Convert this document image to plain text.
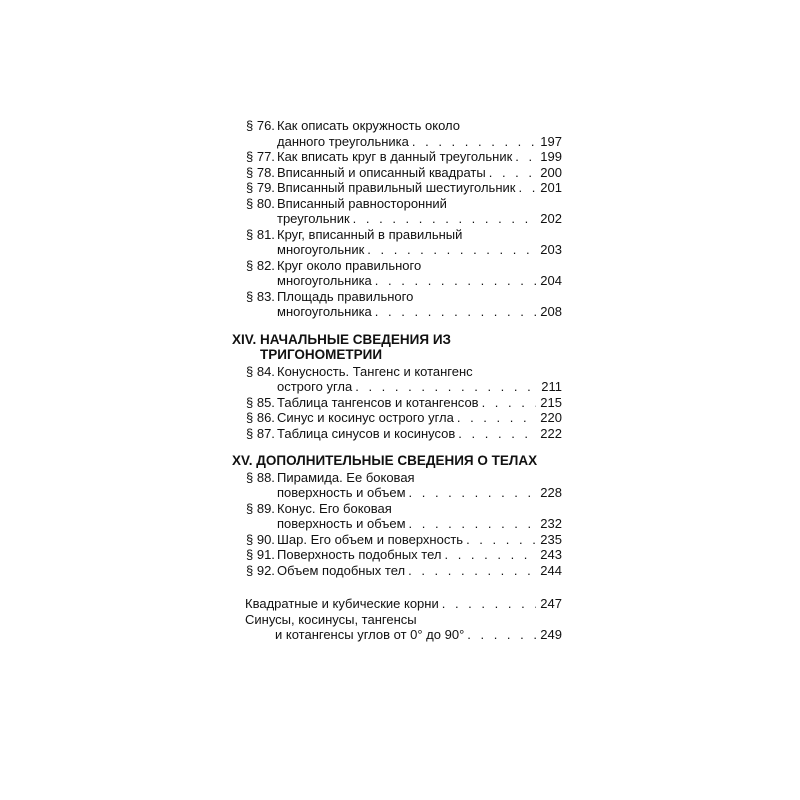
§ 76. Как описать окружность около
данного треугольника . . .	197
§ 77. Как вписать круг в данный треугольник . . . 199
§ 78. Вписанный и описанный квадраты . . .	200
§ 79. Вписанный правильный шестиугольник . . . 201
§ 80. Вписанный равносторонний
треугольник . . .	202
§ 81. Круг, вписанный в правильный
многоугольник . . .	203
§ 82. Круг около правильного
многоугольника . . .	204
§ 83. Площадь правильного
многоугольника . . .	208
XIV. НАЧАЛЬНЫЕ СВЕДЕНИЯ ИЗ
ТРИГОНОМЕТРИИ
§ 84. Конусность. Тангенс и котангенс
острого угла . . .	211
§ 85. Таблица тангенсов и котангенсов . . .	215
§ 86. Синус и косинус острого угла . . .	220
§ 87. Таблица синусов и косинусов . . .	222
XV. ДОПОЛНИТЕЛЬНЫЕ СВЕДЕНИЯ О ТЕЛАХ
§ 88. Пирамида. Ее боковая
поверхность и объем . . .	228
§ 89. Конус. Его боковая
поверхность и объем . . .	232
§ 90. Шар. Его объем и поверхность . . .	235
§ 91. Поверхность подобных тел . . .	243
§ 92. Объем подобных тел . . .	244
Квадратные и кубические корни . . .	247
Синусы, косинусы, тангенсы
и котангенсы углов от 0° до 90° . . .	249
